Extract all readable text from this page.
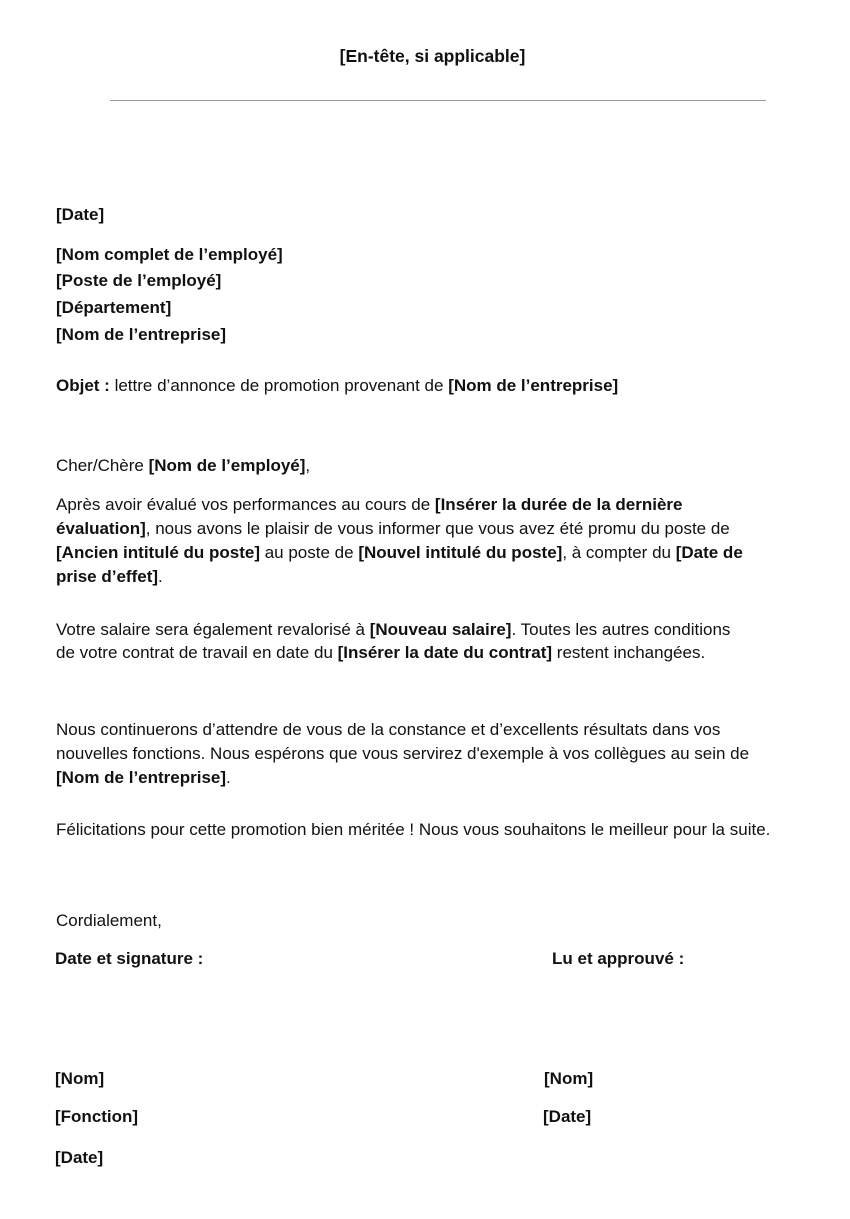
[En-tête, si applicable]

[Date]

[Nom complet de l’employé]

[Poste de l’employé]

[Département]

[Nom de l’entreprise]

Objet : lettre d’annonce de promotion provenant de [Nom de l’entreprise]

Cher/Chère [Nom de l’employé],

Après avoir évalué vos performances au cours de [Insérer la durée de la dernière évaluation], nous avons le plaisir de vous informer que vous avez été promu du poste de [Ancien intitulé du poste] au poste de [Nouvel intitulé du poste], à compter du [Date de prise d’effet].

Votre salaire sera également revalorisé à [Nouveau salaire]. Toutes les autres conditions de votre contrat de travail en date du [Insérer la date du contrat] restent inchangées.

Nous continuerons d’attendre de vous de la constance et d’excellents résultats dans vos nouvelles fonctions. Nous espérons que vous servirez d'exemple à vos collègues au sein de [Nom de l’entreprise].

Félicitations pour cette promotion bien méritée ! Nous vous souhaitons le meilleur pour la suite.

Cordialement,

Date et signature :	Lu et approuvé :

[Nom]	[Nom]

[Fonction]	[Date]

[Date]
